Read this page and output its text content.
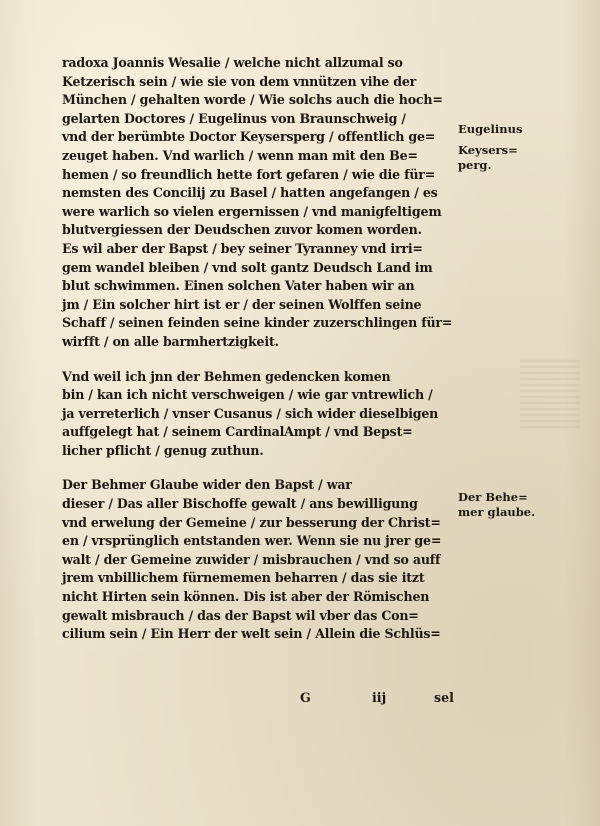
radoxa Joannis Wesalie / welche nicht allzumal so
Ketzerisch sein / wie sie von dem vnnützen vihe der
München / gehalten worde / Wie solchs auch die hoch=
gelarten Doctores / Eugelinus von Braunschweig /
vnd der berümbte Doctor Keysersperg / offentlich ge=
zeuget haben. Vnd warlich / wenn man mit den Be=
hemen / so freundlich hette fort gefaren / wie die für=
nemsten des Concilij zu Basel / hatten angefangen / es
were warlich so vielen ergernissen / vnd manigfeltigem
blutvergiessen der Deudschen zuvor komen worden.
Es wil aber der Bapst / bey seiner Tyranney vnd irri=
gem wandel bleiben / vnd solt gantz Deudsch Land im
blut schwimmen. Einen solchen Vater haben wir an
jm / Ein solcher hirt ist er / der seinen Wolffen seine
Schaff / seinen feinden seine kinder zuzerschlingen für=
wirfft / on alle barmhertzigkeit.
Vnd weil ich jnn der Behmen gedencken komen
bin / kan ich nicht verschweigen / wie gar vntrewlich /
ja verreterlich / vnser Cusanus / sich wider dieselbigen
auffgelegt hat / seinem CardinalAmpt / vnd Bepst=
licher pflicht / genug zuthun.
Der Behmer Glaube wider den Bapst / war
dieser / Das aller Bischoffe gewalt / ans bewilligung
vnd erwelung der Gemeine / zur besserung der Christ=
en / vrsprünglich entstanden wer. Wenn sie nu jrer ge=
walt / der Gemeine zuwider / misbrauchen / vnd so auff
jrem vnbillichem fürnememen beharren / das sie itzt
nicht Hirten sein können. Dis ist aber der Römischen
gewalt misbrauch / das der Bapst wil vber das Con=
cilium sein / Ein Herr der welt sein / Allein die Schlüs=
G	iij	sel
Eugelinus
Keysers=
perg.
Der Behe=
mer glaube.
